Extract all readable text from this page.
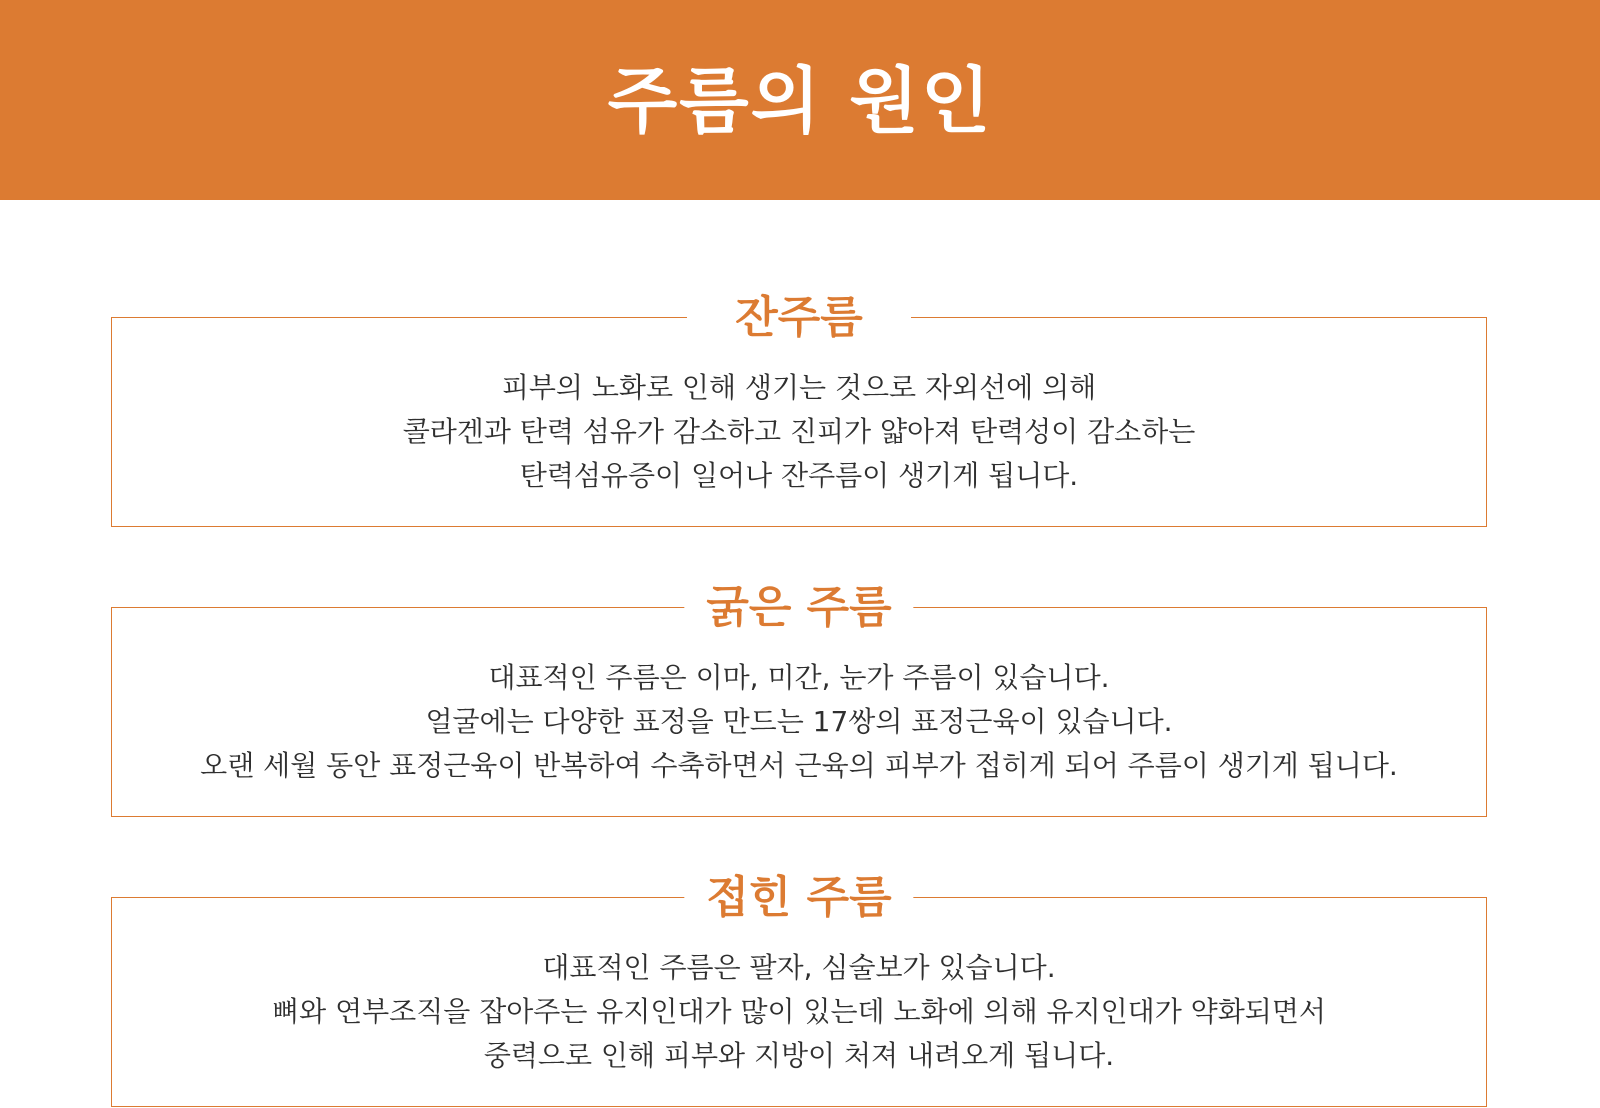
주름의 원인
잔주름
피부의 노화로 인해 생기는 것으로 자외선에 의해
콜라겐과 탄력 섬유가 감소하고 진피가 얇아져 탄력성이 감소하는
탄력섬유증이 일어나 잔주름이 생기게 됩니다.
굵은 주름
대표적인 주름은 이마, 미간, 눈가 주름이 있습니다.
얼굴에는 다양한 표정을 만드는 17쌍의 표정근육이 있습니다.
오랜 세월 동안 표정근육이 반복하여 수축하면서 근육의 피부가 접히게 되어 주름이 생기게 됩니다.
접힌 주름
대표적인 주름은 팔자, 심술보가 있습니다.
뼈와 연부조직을 잡아주는 유지인대가 많이 있는데 노화에 의해 유지인대가 약화되면서
중력으로 인해 피부와 지방이 처져 내려오게 됩니다.
